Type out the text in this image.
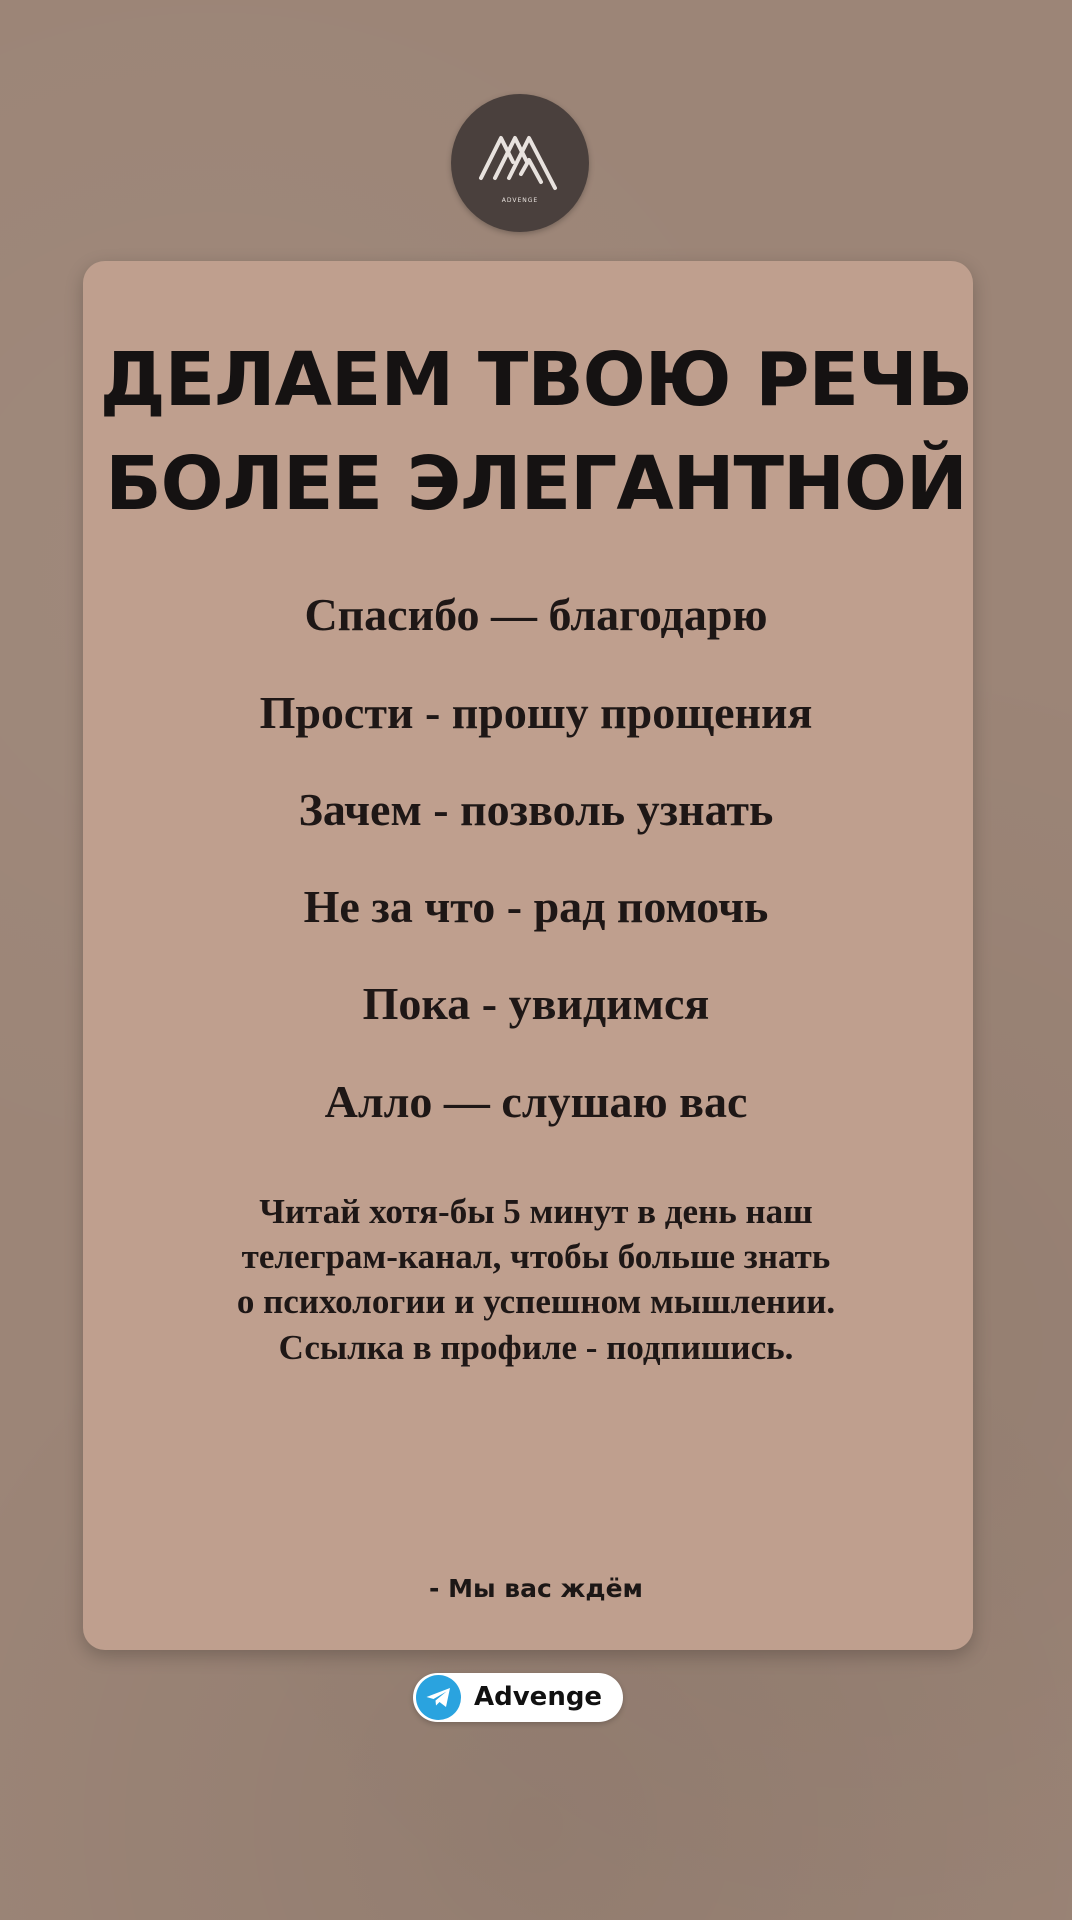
ADVENGE
ДЕЛАЕМ ТВОЮ РЕЧЬ
БОЛЕЕ ЭЛЕГАНТНОЙ
Спасибо — благодарю
Прости - прошу прощения
Зачем - позволь узнать
Не за что - рад помочь
Пока - увидимся
Алло — слушаю вас
Читай хотя-бы 5 минут в день наш
телеграм-канал, чтобы больше знать
о психологии и успешном мышлении.
Ссылка в профиле - подпишись.
- Мы вас ждём
Advenge
